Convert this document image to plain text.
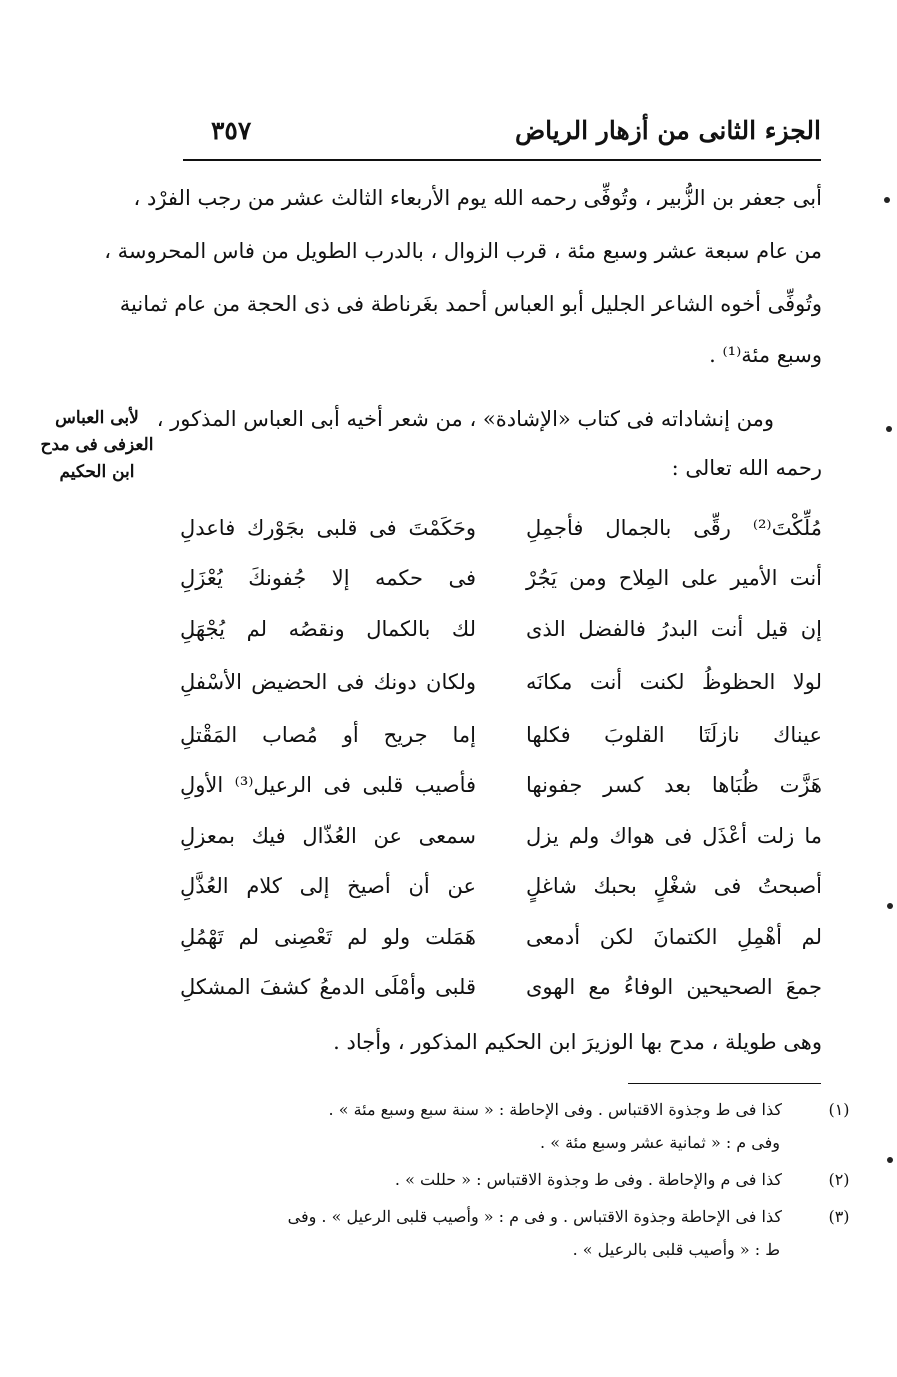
الجزء الثانى من أزهار الرياض
٣٥٧
أبى جعفر بن الزُّبير ، وتُوفِّى رحمه الله يوم الأربعاء الثالث عشر من رجب الفرْد ،
من عام سبعة عشر وسبع مئة ، قرب الزوال ، بالدرب الطويل من فاس المحروسة ،
وتُوفِّى أخوه الشاعر الجليل أبو العباس أحمد بغَرناطة فى ذى الحجة من عام ثمانية
وسبع مئة⁽¹⁾ .
ومن إنشاداته فى كتاب «الإشادة» ، من شعر أخيه أبى العباس المذكور ،
رحمه الله تعالى :
لأبى العباس
العزفى فى مدح
ابن الحكيم
مُلِّكْتَ⁽²⁾ رقِّى بالجمال فأجمِلِ
وحَكَمْتَ فى قلبى بجَوْرك فاعدلِ
أنت الأمير على المِلاح ومن يَجُرْ
فى حكمه إلا جُفونكَ يُعْزَلِ
إن قيل أنت البدرُ فالفضل الذى
لك بالكمال ونقصُه لم يُجْهَلِ
لولا الحظوظُ لكنت أنت مكانَه
ولكان دونك فى الحضيض الأسْفلِ
عيناك نازلَتَا القلوبَ فكلها
إما جريح أو مُصاب المَقْتلِ
هَزَّت ظُبَاها بعد كسر جفونها
فأصيب قلبى فى الرعيل⁽³⁾ الأولِ
ما زلت أعْذَل فى هواك ولم يزل
سمعى عن العُذّال فيك بمعزلِ
أصبحتُ فى شغْلٍ بحبك شاغلٍ
عن أن أصيخ إلى كلام العُذَّلِ
لم أهْمِلِ الكتمانَ لكن أدمعى
هَمَلت ولو لم تَعْصِنى لم تَهْمُلِ
جمعَ الصحيحين الوفاءُ مع الهوى
قلبى وأمْلَى الدمعُ كشفَ المشكلِ
وهى طويلة ، مدح بها الوزيرَ ابن الحكيم المذكور ، وأجاد .
(١)
كذا فى ط وجذوة الاقتباس . وفى الإحاطة : « سنة سبع وسبع مئة » .
وفى م : « ثمانية عشر وسبع مئة » .
(٢)
كذا فى م والإحاطة . وفى ط وجذوة الاقتباس : « حللت » .
(٣)
كذا فى الإحاطة وجذوة الاقتباس . و فى م : « وأصيب قلبى الرعيل » . وفى
ط : « وأصيب قلبى بالرعيل » .
